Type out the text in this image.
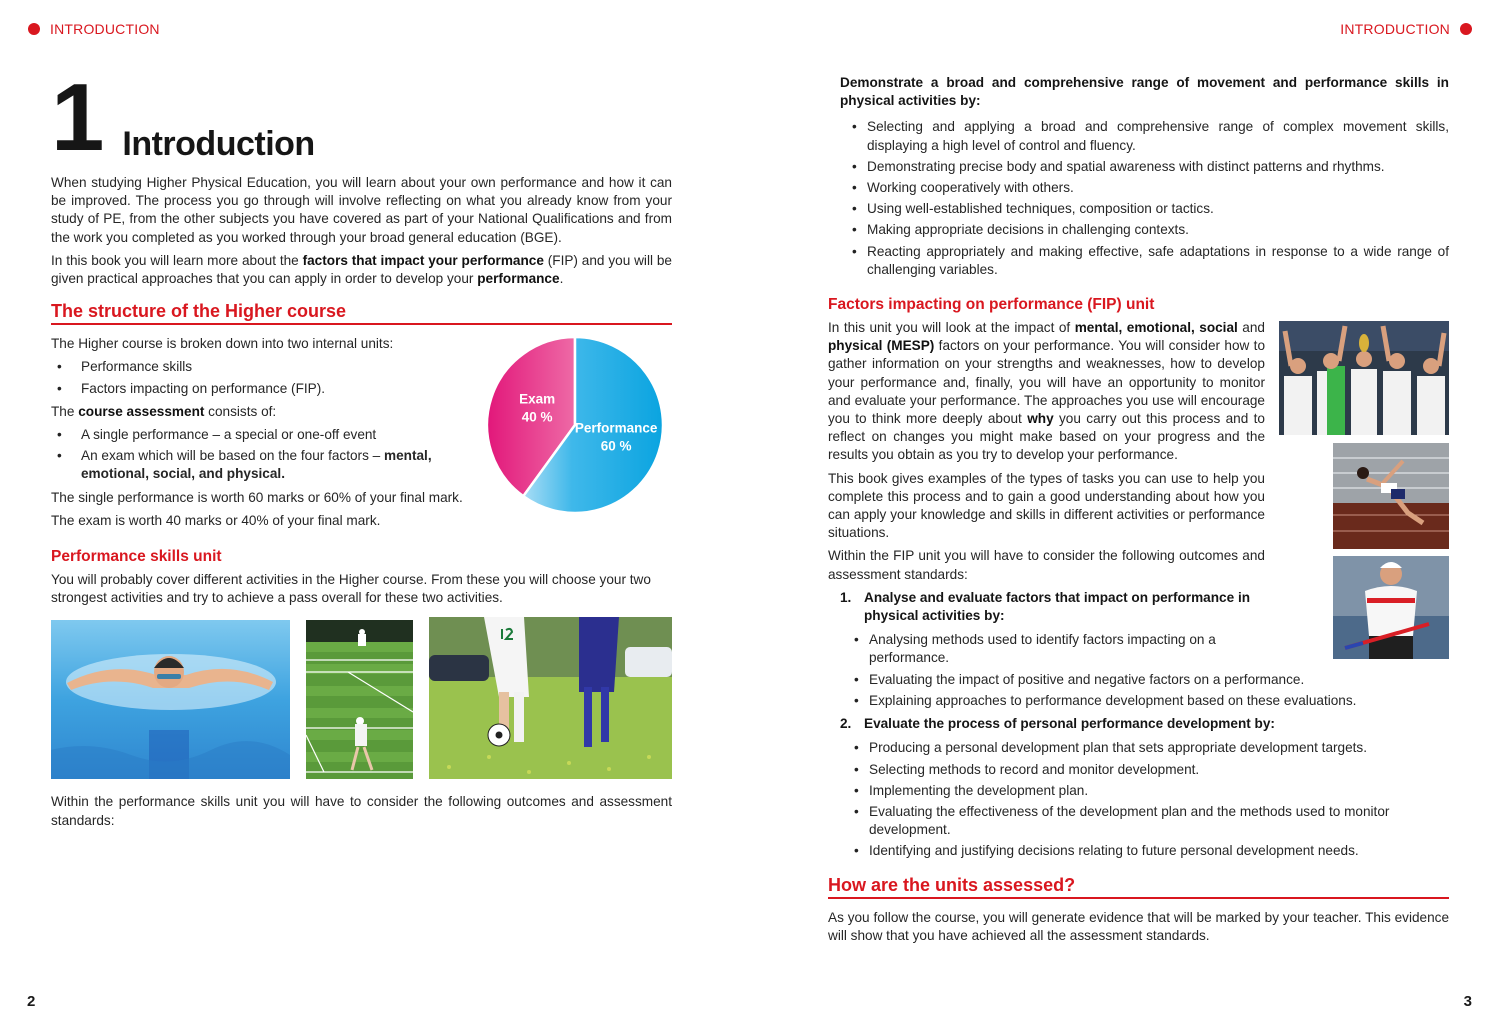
INTRODUCTION
1 Introduction

When studying Higher Physical Education, you will learn about your own performance and how it can be improved. The process you go through will involve reflecting on what you already know from your study of PE, from the other subjects you have covered as part of your National Qualifications and from the work you completed as you worked through your broad general education (BGE).

In this book you will learn more about the factors that impact your performance (FIP) and you will be given practical approaches that you can apply in order to develop your performance.

The structure of the Higher course
Exam
40 %
Performance
60 %

The Higher course is broken down into two internal units:

• Performance skills
• Factors impacting on performance (FIP).

The course assessment consists of:

• A single performance – a special or one-off event
• An exam which will be based on the four factors – mental, emotional, social, and physical.

The single performance is worth 60 marks or 60% of your final mark.

The exam is worth 40 marks or 40% of your final mark.

Performance skills unit

You will probably cover different activities in the Higher course. From these you will choose your two strongest activities and try to achieve a pass overall for these two activities.

Within the performance skills unit you will have to consider the following outcomes and assessment standards:

2
INTRODUCTION

Demonstrate a broad and comprehensive range of movement and performance skills in physical activities by:

• Selecting and applying a broad and comprehensive range of complex movement skills, displaying a high level of control and fluency.
• Demonstrating precise body and spatial awareness with distinct patterns and rhythms.
• Working cooperatively with others.
• Using well-established techniques, composition or tactics.
• Making appropriate decisions in challenging contexts.
• Reacting appropriately and making effective, safe adaptations in response to a wide range of challenging variables.
Factors impacting on performance (FIP) unit

In this unit you will look at the impact of mental, emotional, social and physical (MESP) factors on your performance. You will consider how to gather information on your strengths and weaknesses, how to develop your performance and, finally, you will have an opportunity to monitor and evaluate your performance. The approaches you use will encourage you to think more deeply about why you carry out this process and to reflect on changes you might make based on your progress and the results you obtain as you try to develop your performance.

This book gives examples of the types of tasks you can use to help you complete this process and to gain a good understanding about how you can apply your knowledge and skills in different activities or performance situations.

Within the FIP unit you will have to consider the following outcomes and assessment standards:

1. Analyse and evaluate factors that impact on performance in physical activities by:
• Analysing methods used to identify factors impacting on a performance.
• Evaluating the impact of positive and negative factors on a performance.
• Explaining approaches to performance development based on these evaluations.
2. Evaluate the process of personal performance development by:
• Producing a personal development plan that sets appropriate development targets.
• Selecting methods to record and monitor development.
• Implementing the development plan.
• Evaluating the effectiveness of the development plan and the methods used to monitor development.
• Identifying and justifying decisions relating to future personal development needs.
How are the units assessed?

As you follow the course, you will generate evidence that will be marked by your teacher. This evidence will show that you have achieved all the assessment standards.

3
